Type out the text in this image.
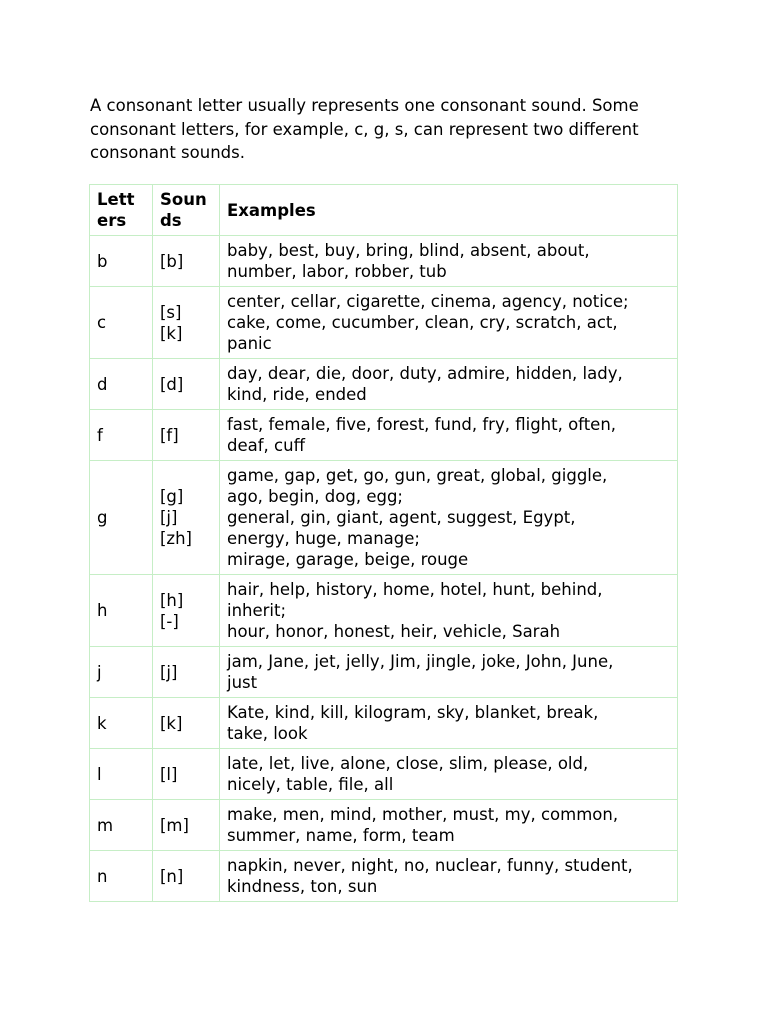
A consonant letter usually represents one consonant sound. Some
consonant letters, for example, c, g, s, can represent two different
consonant sounds.

Lett
ers	Soun
ds	Examples
b	[b]	baby, best, buy, bring, blind, absent, about,
number, labor, robber, tub

c	[s]
[k]	center, cellar, cigarette, cinema, agency, notice;
cake, come, cucumber, clean, cry, scratch, act,
panic

d	[d]	day, dear, die, door, duty, admire, hidden, lady,
kind, ride, ended

f	[f]	fast, female, five, forest, fund, fry, flight, often,
deaf, cuff

g	[g]
[j]
[zh]	game, gap, get, go, gun, great, global, giggle,
ago, begin, dog, egg;
general, gin, giant, agent, suggest, Egypt,
energy, huge, manage;
mirage, garage, beige, rouge

h	[h]
[-]	hair, help, history, home, hotel, hunt, behind,
inherit;
hour, honor, honest, heir, vehicle, Sarah

j	[j]	jam, Jane, jet, jelly, Jim, jingle, joke, John, June,
just

k	[k]	Kate, kind, kill, kilogram, sky, blanket, break,
take, look

l	[l]	late, let, live, alone, close, slim, please, old,
nicely, table, file, all

m	[m]	make, men, mind, mother, must, my, common,
summer, name, form, team

n	[n]	napkin, never, night, no, nuclear, funny, student,
kindness, ton, sun
